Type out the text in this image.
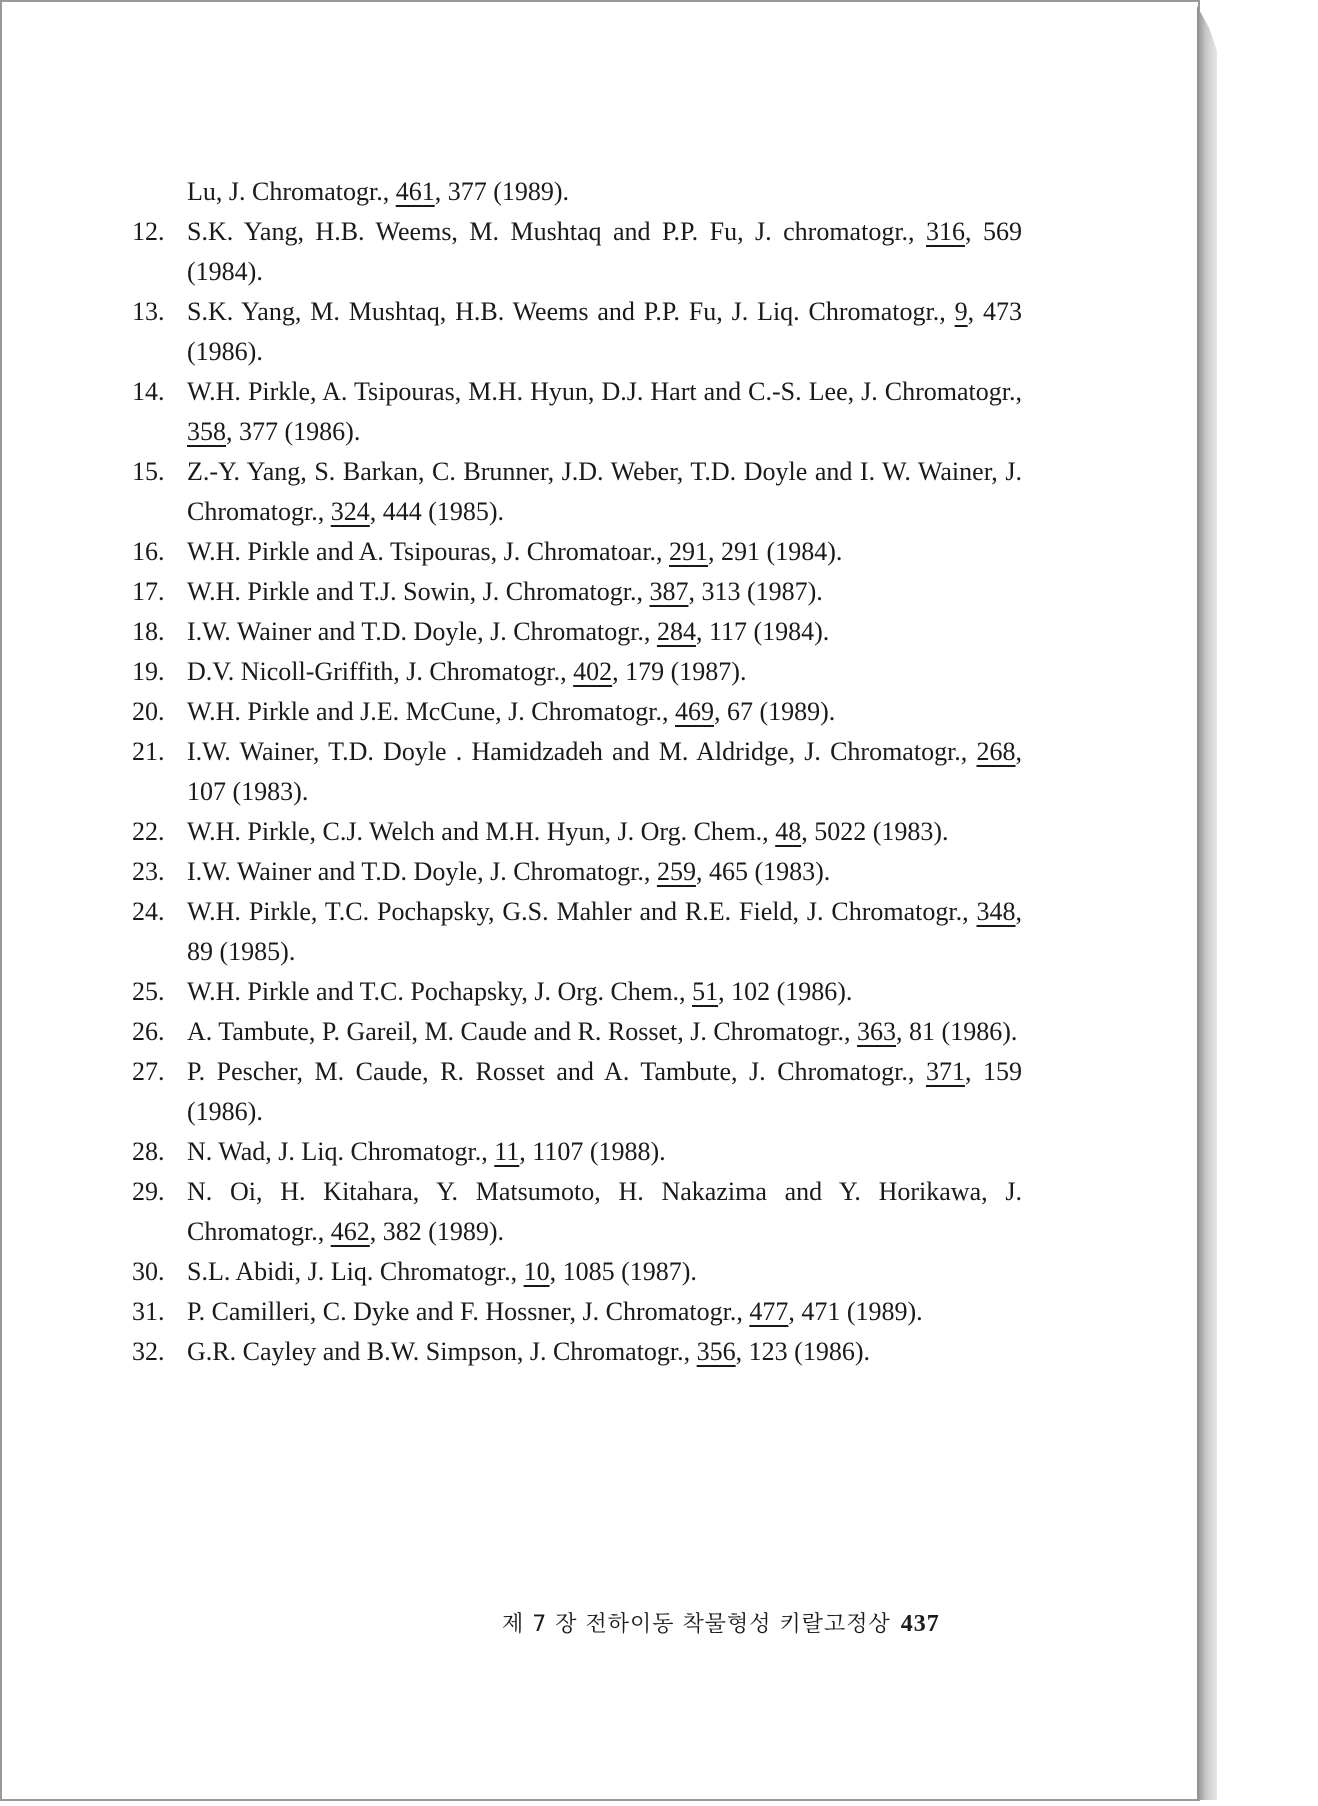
Lu, J. Chromatogr., 461, 377 (1989).
12. S.K. Yang, H.B. Weems, M. Mushtaq and P.P. Fu, J. chromatogr., 316, 569 (1984).
13. S.K. Yang, M. Mushtaq, H.B. Weems and P.P. Fu, J. Liq. Chromatogr., 9, 473 (1986).
14. W.H. Pirkle, A. Tsipouras, M.H. Hyun, D.J. Hart and C.-S. Lee, J. Chromatogr., 358, 377 (1986).
15. Z.-Y. Yang, S. Barkan, C. Brunner, J.D. Weber, T.D. Doyle and I. W. Wainer, J. Chromatogr., 324, 444 (1985).
16. W.H. Pirkle and A. Tsipouras, J. Chromatoar., 291, 291 (1984).
17. W.H. Pirkle and T.J. Sowin, J. Chromatogr., 387, 313 (1987).
18. I.W. Wainer and T.D. Doyle, J. Chromatogr., 284, 117 (1984).
19. D.V. Nicoll-Griffith, J. Chromatogr., 402, 179 (1987).
20. W.H. Pirkle and J.E. McCune, J. Chromatogr., 469, 67 (1989).
21. I.W. Wainer, T.D. Doyle . Hamidzadeh and M. Aldridge, J. Chromatogr., 268, 107 (1983).
22. W.H. Pirkle, C.J. Welch and M.H. Hyun, J. Org. Chem., 48, 5022 (1983).
23. I.W. Wainer and T.D. Doyle, J. Chromatogr., 259, 465 (1983).
24. W.H. Pirkle, T.C. Pochapsky, G.S. Mahler and R.E. Field, J. Chromatogr., 348, 89 (1985).
25. W.H. Pirkle and T.C. Pochapsky, J. Org. Chem., 51, 102 (1986).
26. A. Tambute, P. Gareil, M. Caude and R. Rosset, J. Chromatogr., 363, 81 (1986).
27. P. Pescher, M. Caude, R. Rosset and A. Tambute, J. Chromatogr., 371, 159 (1986).
28. N. Wad, J. Liq. Chromatogr., 11, 1107 (1988).
29. N. Oi, H. Kitahara, Y. Matsumoto, H. Nakazima and Y. Horikawa, J. Chromatogr., 462, 382 (1989).
30. S.L. Abidi, J. Liq. Chromatogr., 10, 1085 (1987).
31. P. Camilleri, C. Dyke and F. Hossner, J. Chromatogr., 477, 471 (1989).
32. G.R. Cayley and B.W. Simpson, J. Chromatogr., 356, 123 (1986).
제 7 장 전하이동 착물형성 키랄고정상 437
